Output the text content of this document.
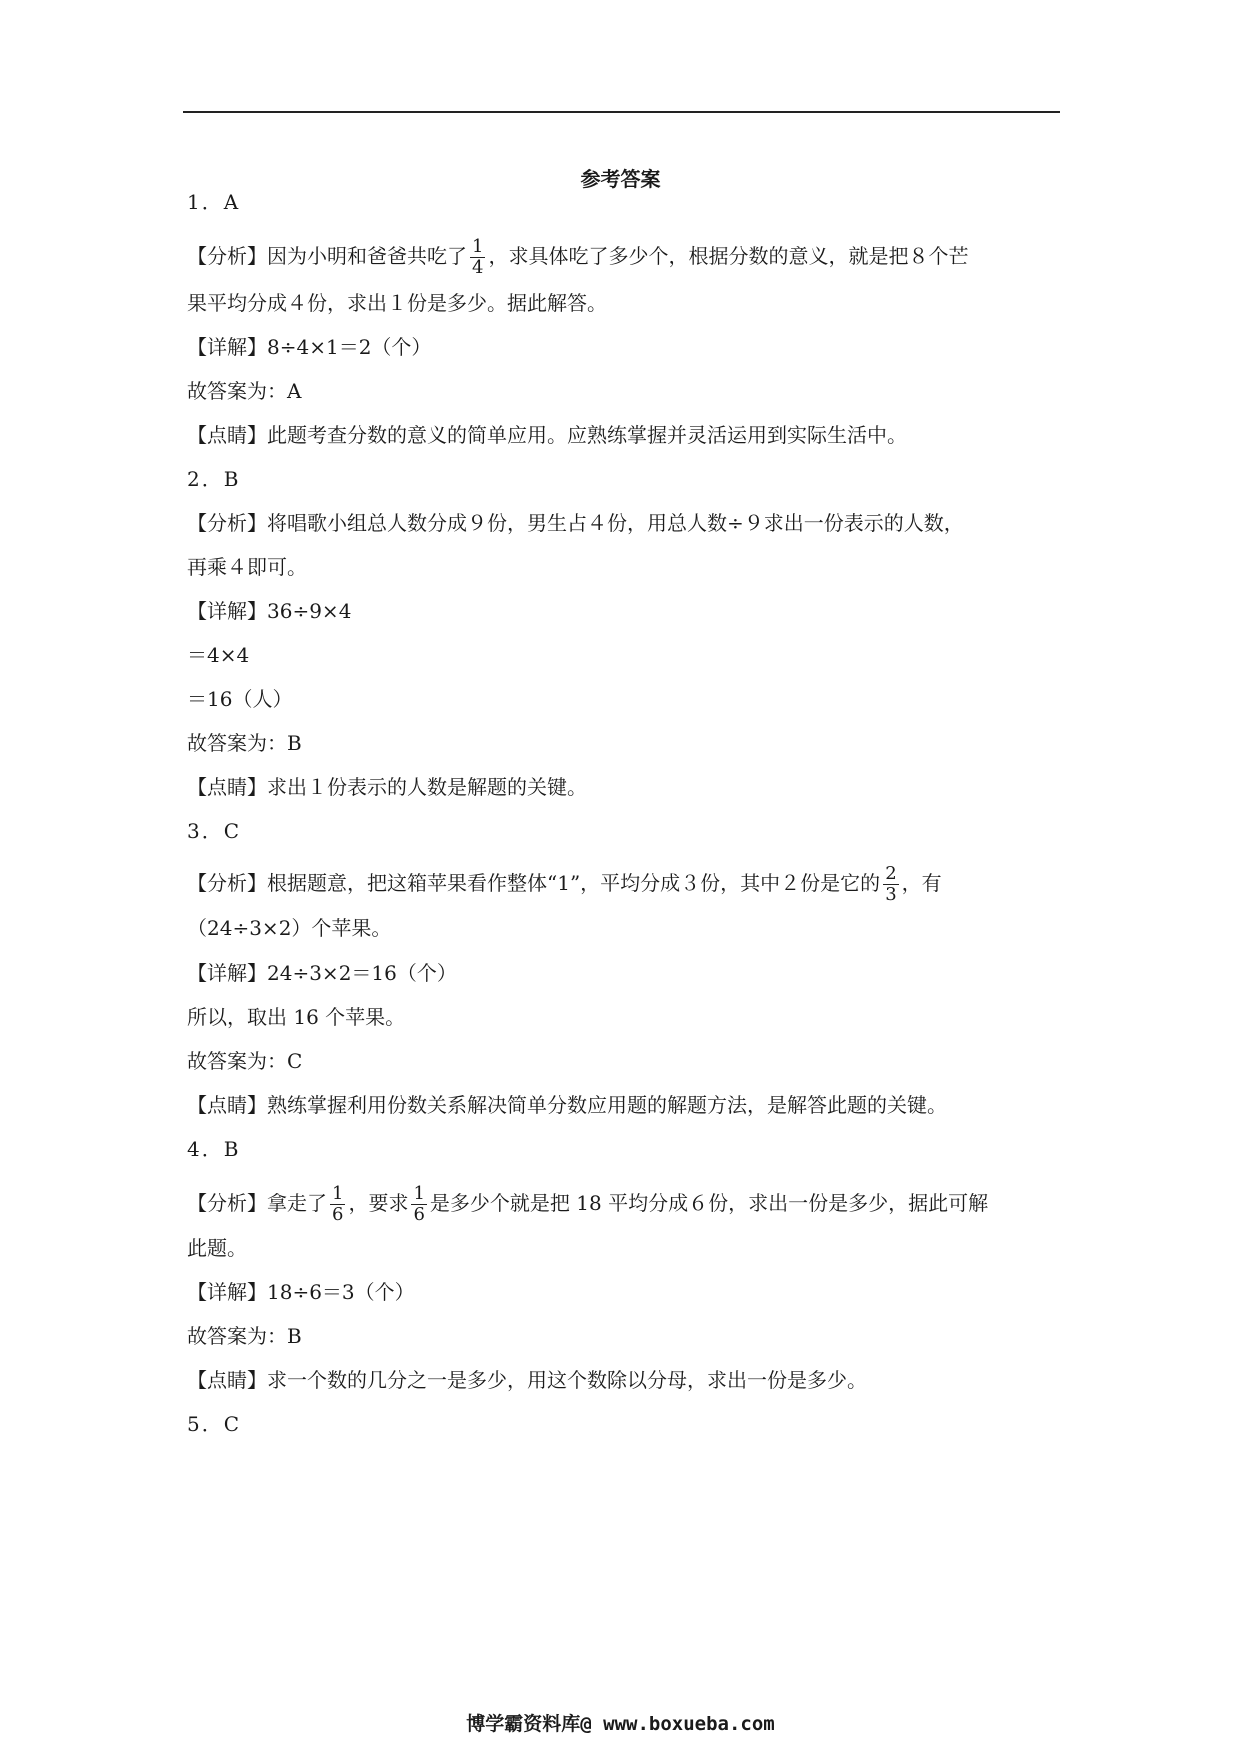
参考答案
1．A
【分析】因为小明和爸爸共吃了 $\frac{1}{4}$ ，求具体吃了多少个，根据分数的意义，就是把８个芒
果平均分成４份，求出１份是多少。据此解答。
【详解】8÷4×1＝2（个）
故答案为：A
【点睛】此题考查分数的意义的简单应用。应熟练掌握并灵活运用到实际生活中。
2．B
【分析】将唱歌小组总人数分成９份，男生占４份，用总人数÷９求出一份表示的人数，
再乘４即可。
【详解】36÷9×4
＝4×4
＝16（人）
故答案为：B
【点睛】求出１份表示的人数是解题的关键。
3．C
【分析】根据题意，把这箱苹果看作整体“1”，平均分成３份，其中２份是它的 $\frac{2}{3}$ ，有
（24÷3×2）个苹果。
【详解】24÷3×2＝16（个）
所以，取出 16 个苹果。
故答案为：C
【点睛】熟练掌握利用份数关系解决简单分数应用题的解题方法，是解答此题的关键。
4．B
【分析】拿走了 $\frac{1}{6}$ ，要求 $\frac{1}{6}$ 是多少个就是把 18 平均分成６份，求出一份是多少，据此可解
此题。
【详解】18÷6＝3（个）
故答案为：B
【点睛】求一个数的几分之一是多少，用这个数除以分母，求出一份是多少。
5．C
博学霸资料库@ www.boxueba.com
